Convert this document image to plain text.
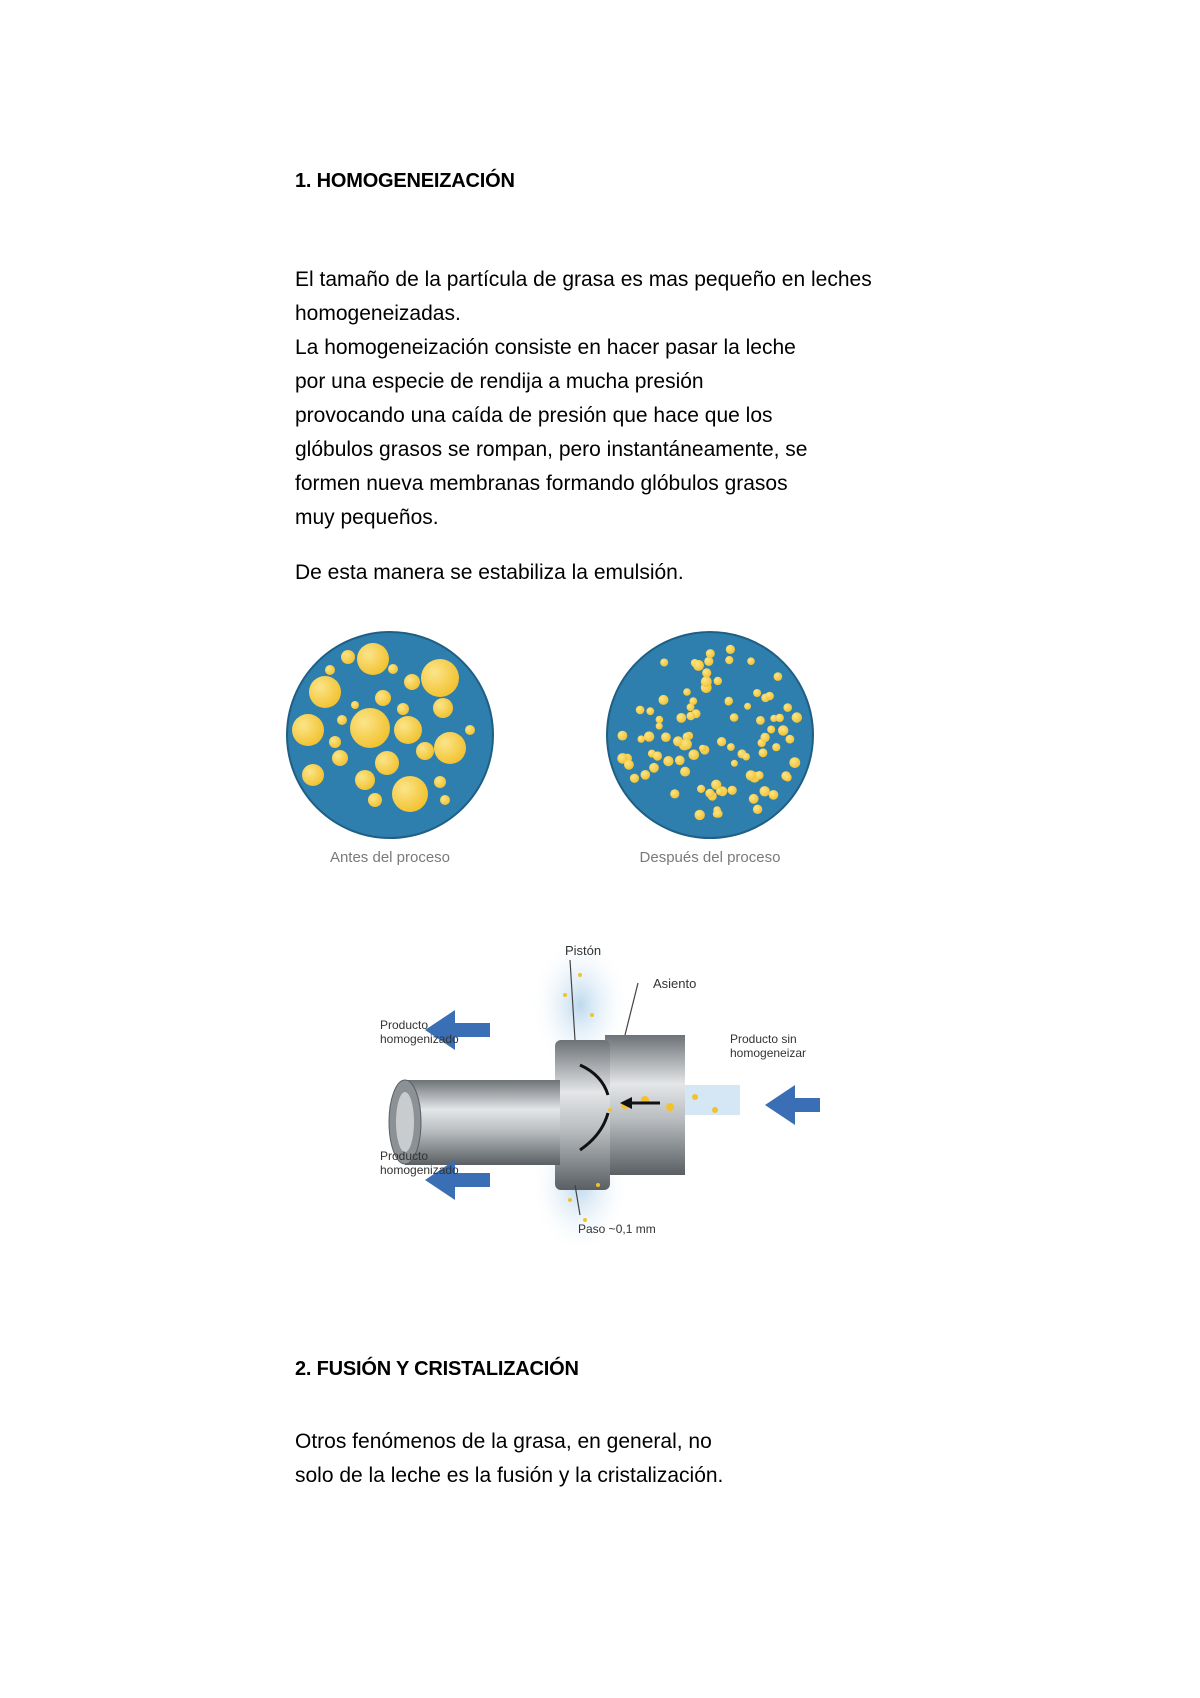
1. HOMOGENEIZACIÓN
El tamaño de la partícula de grasa es mas pequeño en leches
homogeneizadas.
La homogeneización consiste en hacer pasar la leche
por una especie de rendija a mucha presión
provocando una caída de presión que hace que los
glóbulos grasos se rompan, pero instantáneamente, se
formen nueva membranas formando glóbulos grasos
muy pequeños.

De esta manera se estabiliza la emulsión.

Antes del proceso	Después del proceso
Pistón
Asiento
Producto
homogenizado
Producto
homogenizado
Producto sin
homogeneizar
Paso ~0,1 mm
2. FUSIÓN Y CRISTALIZACIÓN
Otros fenómenos de la grasa, en general, no
solo de la leche es la fusión y la cristalización.
